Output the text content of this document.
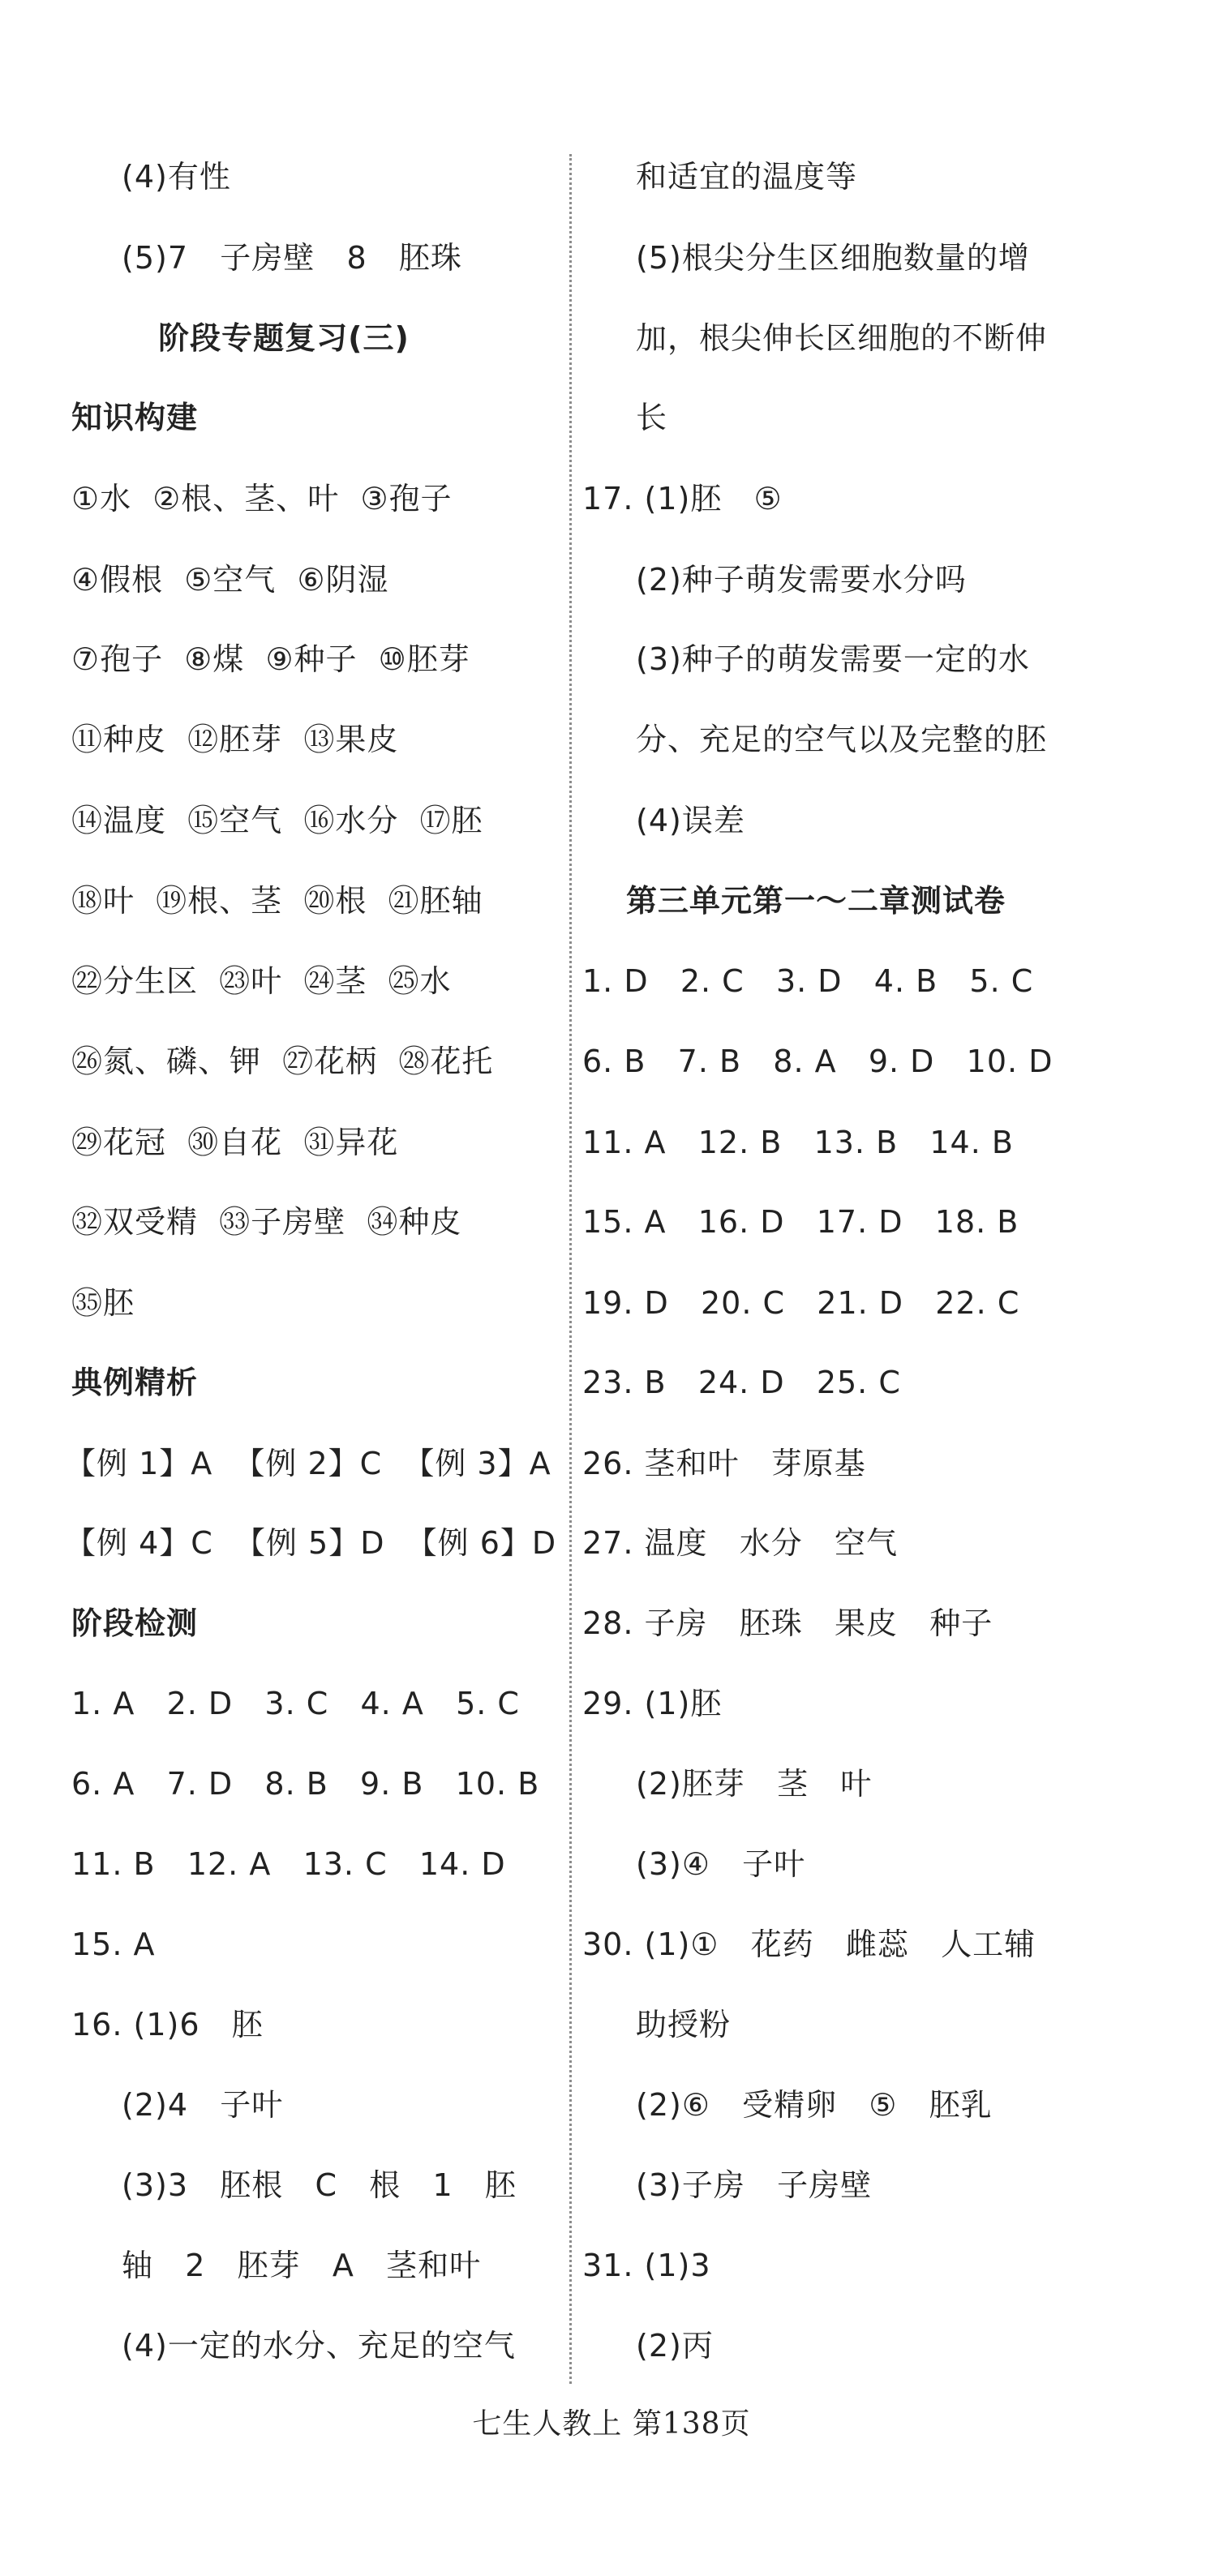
(4)有性
(5)7   子房壁   8   胚珠
阶段专题复习(三)
知识构建
①水  ②根、茎、叶  ③孢子
④假根  ⑤空气  ⑥阴湿
⑦孢子  ⑧煤  ⑨种子  ⑩胚芽
⑪种皮  ⑫胚芽  ⑬果皮
⑭温度  ⑮空气  ⑯水分  ⑰胚
⑱叶  ⑲根、茎  ⑳根  ㉑胚轴
㉒分生区  ㉓叶  ㉔茎  ㉕水
㉖氮、磷、钾  ㉗花柄  ㉘花托
㉙花冠  ㉚自花  ㉛异花
㉜双受精  ㉝子房壁  ㉞种皮
㉟胚
典例精析
【例 1】A  【例 2】C  【例 3】A
【例 4】C  【例 5】D  【例 6】D
阶段检测
1. A   2. D   3. C   4. A   5. C
6. A   7. D   8. B   9. B   10. B
11. B   12. A   13. C   14. D
15. A
16. (1)6   胚
(2)4   子叶
(3)3   胚根   C   根   1   胚
轴   2   胚芽   A   茎和叶
(4)一定的水分、充足的空气
和适宜的温度等
(5)根尖分生区细胞数量的增
加，根尖伸长区细胞的不断伸
长
17. (1)胚   ⑤
(2)种子萌发需要水分吗
(3)种子的萌发需要一定的水
分、充足的空气以及完整的胚
(4)误差
第三单元第一～二章测试卷
1. D   2. C   3. D   4. B   5. C
6. B   7. B   8. A   9. D   10. D
11. A   12. B   13. B   14. B
15. A   16. D   17. D   18. B
19. D   20. C   21. D   22. C
23. B   24. D   25. C
26. 茎和叶   芽原基
27. 温度   水分   空气
28. 子房   胚珠   果皮   种子
29. (1)胚
(2)胚芽   茎   叶
(3)④   子叶
30. (1)①   花药   雌蕊   人工辅
助授粉
(2)⑥   受精卵   ⑤   胚乳
(3)子房   子房壁
31. (1)3
(2)丙
七生人教上 第138页
